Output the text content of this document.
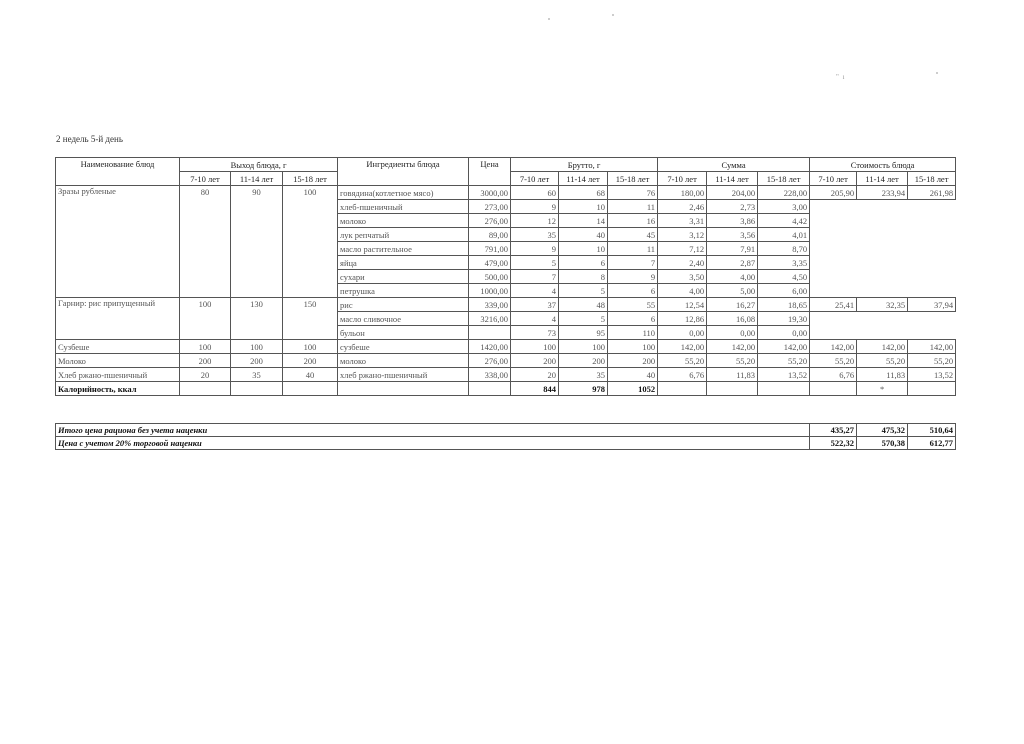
" ı
2 недель 5-й день
Наименование блюд	Выход блюда, г			Ингредиенты блюда	Цена	Брутто, г			Сумма			Стоимость блюда		
	7-10 лет	11-14 лет	15-18 лет			7-10 лет	11-14 лет	15-18 лет	7-10 лет	11-14 лет	15-18 лет	7-10 лет	11-14 лет	15-18 лет
Зразы рубленые	80	90	100	говядина(котлетное мясо)	3000,00	60	68	76	180,00	204,00	228,00	205,90	233,94	261,98
				хлеб-пшеничный	273,00	9	10	11	2,46	2,73	3,00			
				молоко	276,00	12	14	16	3,31	3,86	4,42			
				лук репчатый	89,00	35	40	45	3,12	3,56	4,01			
				масло растительное	791,00	9	10	11	7,12	7,91	8,70			
				яйца	479,00	5	6	7	2,40	2,87	3,35			
				сухари	500,00	7	8	9	3,50	4,00	4,50			
				петрушка	1000,00	4	5	6	4,00	5,00	6,00			
Гарнир: рис припущенный	100	130	150	рис	339,00	37	48	55	12,54	16,27	18,65	25,41	32,35	37,94
				масло сливочное	3216,00	4	5	6	12,86	16,08	19,30			
				бульон		73	95	110	0,00	0,00	0,00			
Сузбеше	100	100	100	сузбеше	1420,00	100	100	100	142,00	142,00	142,00	142,00	142,00	142,00
Молоко	200	200	200	молоко	276,00	200	200	200	55,20	55,20	55,20	55,20	55,20	55,20
Хлеб ржано-пшеничный	20	35	40	хлеб ржано-пшеничный	338,00	20	35	40	6,76	11,83	13,52	6,76	11,83	13,52
Калорийность, ккал						844	978	1052					*	
Итого цена рациона без учета наценки	435,27	475,32	510,64
Цена с учетом 20% торговой наценки	522,32	570,38	612,77
